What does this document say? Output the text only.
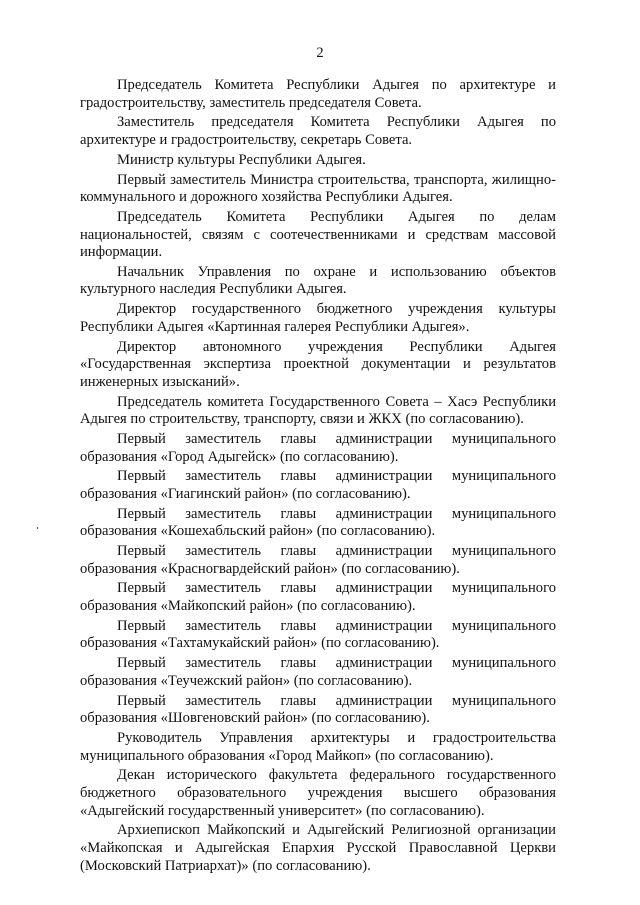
2

Председатель Комитета Республики Адыгея по архитектуре и градостроительству, заместитель председателя Совета.

Заместитель председателя Комитета Республики Адыгея по архитектуре и градостроительству, секретарь Совета.

Министр культуры Республики Адыгея.

Первый заместитель Министра строительства, транспорта, жилищно-коммунального и дорожного хозяйства Республики Адыгея.

Председатель Комитета Республики Адыгея по делам национальностей, связям с соотечественниками и средствам массовой информации.

Начальник Управления по охране и использованию объектов культурного наследия Республики Адыгея.

Директор государственного бюджетного учреждения культуры Республики Адыгея «Картинная галерея Республики Адыгея».

Директор автономного учреждения Республики Адыгея «Государственная экспертиза проектной документации и результатов инженерных изысканий».

Председатель комитета Государственного Совета – Хасэ Республики Адыгея по строительству, транспорту, связи и ЖКХ (по согласованию).

Первый заместитель главы администрации муниципального образования «Город Адыгейск» (по согласованию).

Первый заместитель главы администрации муниципального образования «Гиагинский район» (по согласованию).

Первый заместитель главы администрации муниципального образования «Кошехабльский район» (по согласованию).

Первый заместитель главы администрации муниципального образования «Красногвардейский район» (по согласованию).

Первый заместитель главы администрации муниципального образования «Майкопский район» (по согласованию).

Первый заместитель главы администрации муниципального образования «Тахтамукайский район» (по согласованию).

Первый заместитель главы администрации муниципального образования «Теучежский район» (по согласованию).

Первый заместитель главы администрации муниципального образования «Шовгеновский район» (по согласованию).

Руководитель Управления архитектуры и градостроительства муниципального образования «Город Майкоп» (по согласованию).

Декан исторического факультета федерального государственного бюджетного образовательного учреждения высшего образования «Адыгейский государственный университет» (по согласованию).

Архиепископ Майкопский и Адыгейский Религиозной организации «Майкопская и Адыгейская Епархия Русской Православной Церкви (Московский Патриархат)» (по согласованию).
